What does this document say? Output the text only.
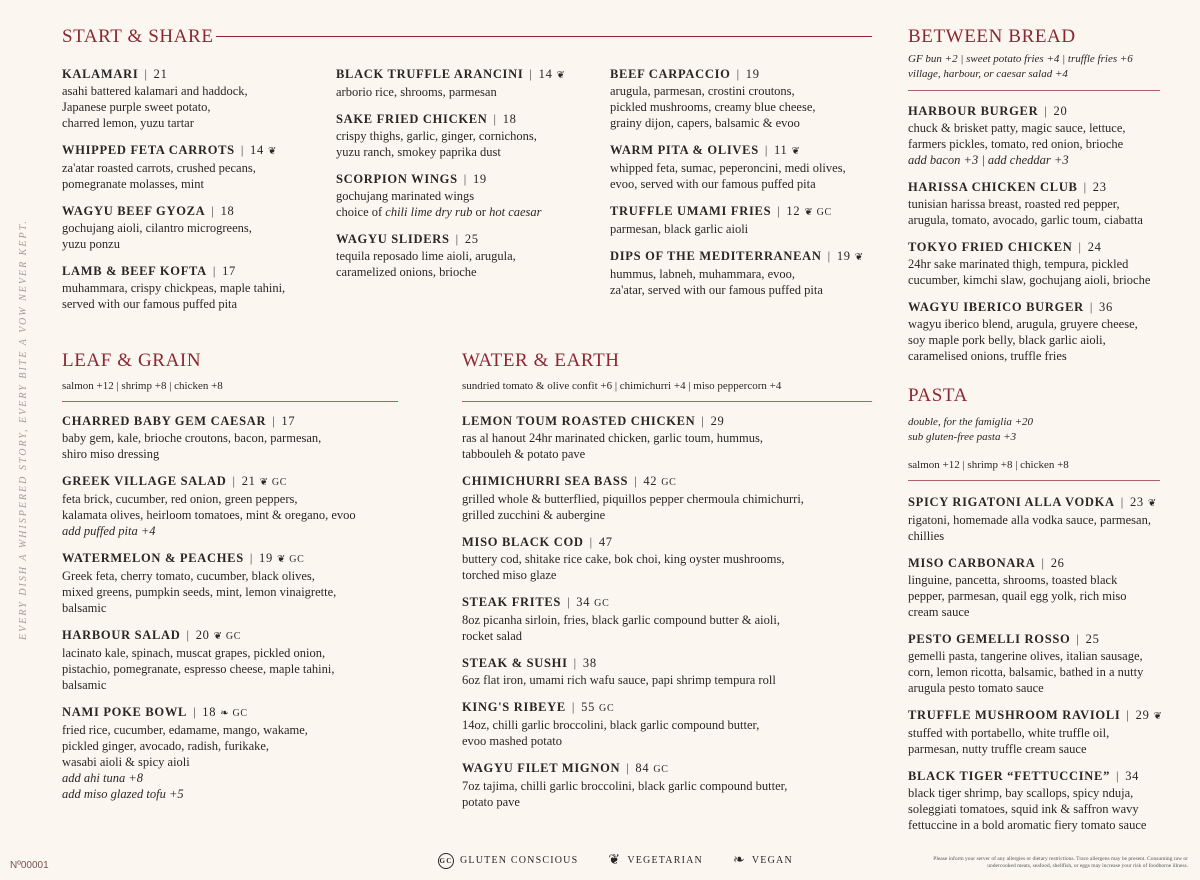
EVERY DISH A WHISPERED STORY, EVERY BITE A VOW NEVER KEPT.
START & SHARE
KALAMARI | 21
asahi battered kalamari and haddock,
Japanese purple sweet potato,
charred lemon, yuzu tartar
WHIPPED FETA CARROTS | 14 ❦
za'atar roasted carrots, crushed pecans,
pomegranate molasses, mint
WAGYU BEEF GYOZA | 18
gochujang aioli, cilantro microgreens,
yuzu ponzu
LAMB & BEEF KOFTA | 17
muhammara, crispy chickpeas, maple tahini,
served with our famous puffed pita
BLACK TRUFFLE ARANCINI | 14 ❦
arborio rice, shrooms, parmesan
SAKE FRIED CHICKEN | 18
crispy thighs, garlic, ginger, cornichons,
yuzu ranch, smokey paprika dust
SCORPION WINGS | 19
gochujang marinated wings
choice of chili lime dry rub or hot caesar
WAGYU SLIDERS | 25
tequila reposado lime aioli, arugula,
caramelized onions, brioche
BEEF CARPACCIO | 19
arugula, parmesan, crostini croutons,
pickled mushrooms, creamy blue cheese,
grainy dijon, capers, balsamic & evoo
WARM PITA & OLIVES | 11 ❦
whipped feta, sumac, peperoncini, medi olives,
evoo, served with our famous puffed pita
TRUFFLE UMAMI FRIES | 12 ❦ GC
parmesan, black garlic aioli
DIPS OF THE MEDITERRANEAN | 19 ❦
hummus, labneh, muhammara, evoo,
za'atar, served with our famous puffed pita
BETWEEN BREAD
GF bun +2 | sweet potato fries +4 | truffle fries +6
village, harbour, or caesar salad +4
HARBOUR BURGER | 20
chuck & brisket patty, magic sauce, lettuce,
farmers pickles, tomato, red onion, brioche
add bacon +3 | add cheddar +3
HARISSA CHICKEN CLUB | 23
tunisian harissa breast, roasted red pepper,
arugula, tomato, avocado, garlic toum, ciabatta
TOKYO FRIED CHICKEN | 24
24hr sake marinated thigh, tempura, pickled
cucumber, kimchi slaw, gochujang aioli, brioche
WAGYU IBERICO BURGER | 36
wagyu iberico blend, arugula, gruyere cheese,
soy maple pork belly, black garlic aioli,
caramelised onions, truffle fries
LEAF & GRAIN
salmon +12 | shrimp +8 | chicken +8
CHARRED BABY GEM CAESAR | 17
baby gem, kale, brioche croutons, bacon, parmesan,
shiro miso dressing
GREEK VILLAGE SALAD | 21 ❦ GC
feta brick, cucumber, red onion, green peppers,
kalamata olives, heirloom tomatoes, mint & oregano, evoo
add puffed pita +4
WATERMELON & PEACHES | 19 ❦ GC
Greek feta, cherry tomato, cucumber, black olives,
mixed greens, pumpkin seeds, mint, lemon vinaigrette,
balsamic
HARBOUR SALAD | 20 ❦ GC
lacinato kale, spinach, muscat grapes, pickled onion,
pistachio, pomegranate, espresso cheese, maple tahini,
balsamic
NAMI POKE BOWL | 18 ❧ GC
fried rice, cucumber, edamame, mango, wakame,
pickled ginger, avocado, radish, furikake,
wasabi aioli & spicy aioli
add ahi tuna +8
add miso glazed tofu +5
WATER & EARTH
sundried tomato & olive confit +6 | chimichurri +4 | miso peppercorn +4
LEMON TOUM ROASTED CHICKEN | 29
ras al hanout 24hr marinated chicken, garlic toum, hummus,
tabbouleh & potato pave
CHIMICHURRI SEA BASS | 42 GC
grilled whole & butterflied, piquillos pepper chermoula chimichurri,
grilled zucchini & aubergine
MISO BLACK COD | 47
buttery cod, shitake rice cake, bok choi, king oyster mushrooms,
torched miso glaze
STEAK FRITES | 34 GC
8oz picanha sirloin, fries, black garlic compound butter & aioli,
rocket salad
STEAK & SUSHI | 38
6oz flat iron, umami rich wafu sauce, papi shrimp tempura roll
KING'S RIBEYE | 55 GC
14oz, chilli garlic broccolini, black garlic compound butter,
evoo mashed potato
WAGYU FILET MIGNON | 84 GC
7oz tajima, chilli garlic broccolini, black garlic compound butter,
potato pave
PASTA
double, for the famiglia +20
sub gluten-free pasta +3
salmon +12 | shrimp +8 | chicken +8
SPICY RIGATONI ALLA VODKA | 23 ❦
rigatoni, homemade alla vodka sauce, parmesan,
chillies
MISO CARBONARA | 26
linguine, pancetta, shrooms, toasted black
pepper, parmesan, quail egg yolk, rich miso
cream sauce
PESTO GEMELLI ROSSO | 25
gemelli pasta, tangerine olives, italian sausage,
corn, lemon ricotta, balsamic, bathed in a nutty
arugula pesto tomato sauce
TRUFFLE MUSHROOM RAVIOLI | 29 ❦
stuffed with portabello, white truffle oil,
parmesan, nutty truffle cream sauce
BLACK TIGER “FETTUCCINE” | 34
black tiger shrimp, bay scallops, spicy nduja,
soleggiati tomatoes, squid ink & saffron wavy
fettuccine in a bold aromatic fiery tomato sauce
Nº00001	GC GLUTEN CONSCIOUS ❦ VEGETARIAN ❧ VEGAN	Please inform your server of any allergies or dietary restrictions. Trace allergens may be present. Consuming raw or undercooked meats, seafood, shellfish, or eggs may increase your risk of foodborne illness.
